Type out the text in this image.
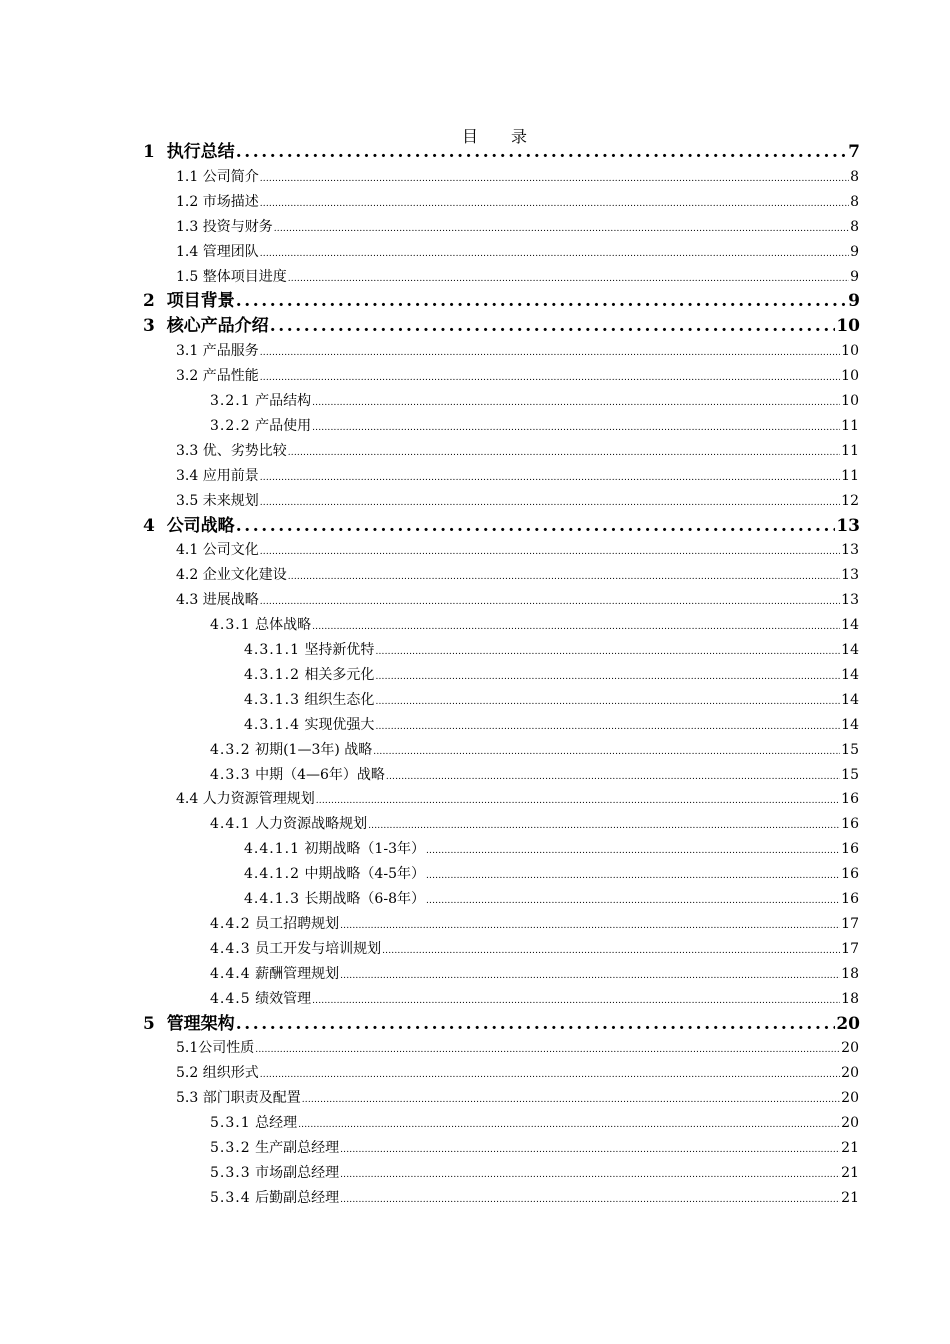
目 录
1 执行总结 .....	7
1.1 公司简介 .....	8
1.2 市场描述 .....	8
1.3 投资与财务 .....	8
1.4 管理团队 .....	9
1.5 整体项目进度 .....	9
2 项目背景 .....	9
3 核心产品介绍 .....	10
3.1 产品服务 .....	10
3.2 产品性能 .....	10
3.2.1 产品结构 .....	10
3.2.2 产品使用 .....	11
3.3 优、劣势比较 .....	11
3.4 应用前景 .....	11
3.5 未来规划 .....	12
4 公司战略 .....	13
4.1 公司文化 .....	13
4.2 企业文化建设 .....	13
4.3 进展战略 .....	13
4.3.1 总体战略 .....	14
4.3.1.1 坚持新优特 .....	14
4.3.1.2 相关多元化 .....	14
4.3.1.3 组织生态化 .....	14
4.3.1.4 实现优强大 .....	14
4.3.2 初期(1—3年) 战略 .....	15
4.3.3 中期（4—6年）战略 .....	15
4.4 人力资源管理规划 .....	16
4.4.1 人力资源战略规划 .....	16
4.4.1.1 初期战略（1-3年） .....	16
4.4.1.2 中期战略（4-5年） .....	16
4.4.1.3 长期战略（6-8年） .....	16
4.4.2 员工招聘规划 .....	17
4.4.3 员工开发与培训规划 .....	17
4.4.4 薪酬管理规划 .....	18
4.4.5 绩效管理 .....	18
5 管理架构 .....	20
5.1公司性质 .....	20
5.2 组织形式 .....	20
5.3 部门职责及配置 .....	20
5.3.1 总经理 .....	20
5.3.2 生产副总经理 .....	21
5.3.3 市场副总经理 .....	21
5.3.4 后勤副总经理 .....	21
